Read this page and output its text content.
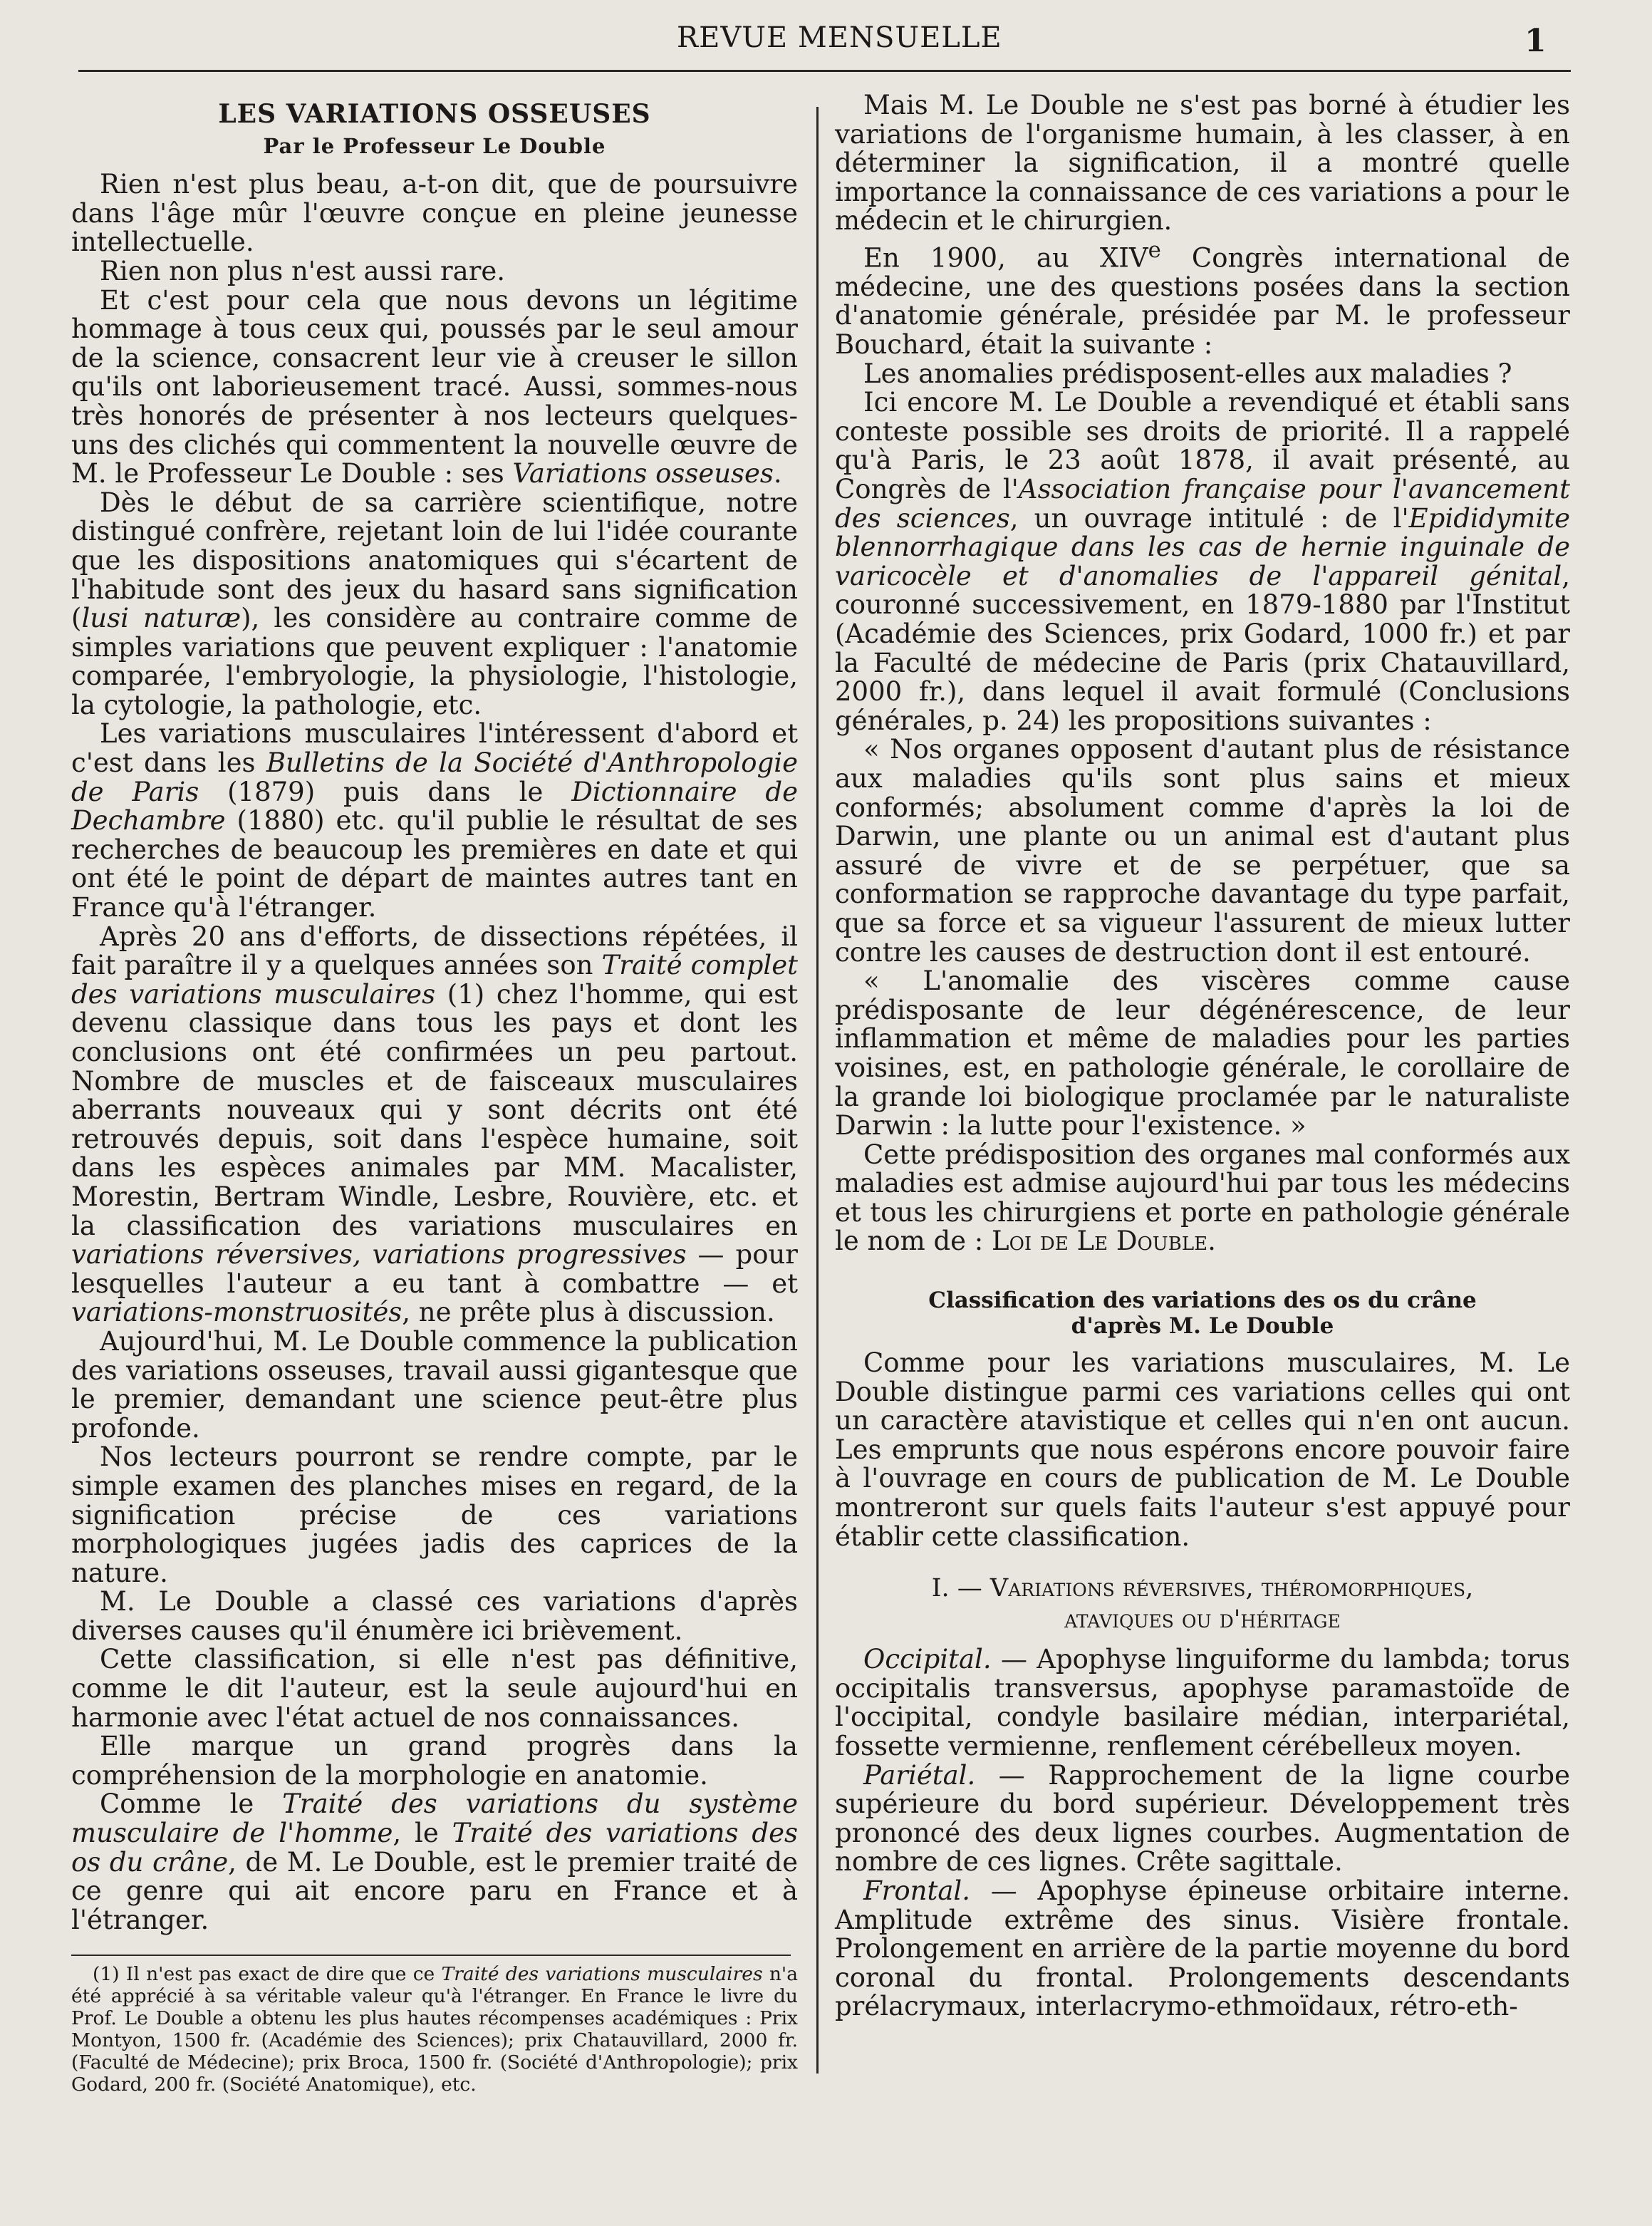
REVUE MENSUELLE	1
LES VARIATIONS OSSEUSES
Par le Professeur Le Double

Rien n'est plus beau, a-t-on dit, que de poursuivre dans l'âge mûr l'œuvre conçue en pleine jeunesse intellectuelle.

Rien non plus n'est aussi rare.

Et c'est pour cela que nous devons un légitime hommage à tous ceux qui, poussés par le seul amour de la science, consacrent leur vie à creuser le sillon qu'ils ont laborieusement tracé. Aussi, sommes-nous très honorés de présenter à nos lecteurs quelques-uns des clichés qui commentent la nouvelle œuvre de M. le Professeur Le Double : ses Variations osseuses.

Dès le début de sa carrière scientifique, notre distingué confrère, rejetant loin de lui l'idée courante que les dispositions anatomiques qui s'écartent de l'habitude sont des jeux du hasard sans signification (lusi naturæ), les considère au contraire comme de simples variations que peuvent expliquer : l'anatomie comparée, l'embryologie, la physiologie, l'histologie, la cytologie, la pathologie, etc.

Les variations musculaires l'intéressent d'abord et c'est dans les Bulletins de la Société d'Anthropologie de Paris (1879) puis dans le Dictionnaire de Dechambre (1880) etc. qu'il publie le résultat de ses recherches de beaucoup les premières en date et qui ont été le point de départ de maintes autres tant en France qu'à l'étranger.

Après 20 ans d'efforts, de dissections répétées, il fait paraître il y a quelques années son Traité complet des variations musculaires (1) chez l'homme, qui est devenu classique dans tous les pays et dont les conclusions ont été confirmées un peu partout. Nombre de muscles et de faisceaux musculaires aberrants nouveaux qui y sont décrits ont été retrouvés depuis, soit dans l'espèce humaine, soit dans les espèces animales par MM. Macalister, Morestin, Bertram Windle, Lesbre, Rouvière, etc. et la classification des variations musculaires en variations réversives, variations progressives — pour lesquelles l'auteur a eu tant à combattre — et variations-monstruosités, ne prête plus à discussion.

Aujourd'hui, M. Le Double commence la publication des variations osseuses, travail aussi gigantesque que le premier, demandant une science peut-être plus profonde.

Nos lecteurs pourront se rendre compte, par le simple examen des planches mises en regard, de la signification précise de ces variations morphologiques jugées jadis des caprices de la nature.

M. Le Double a classé ces variations d'après diverses causes qu'il énumère ici brièvement.

Cette classification, si elle n'est pas définitive, comme le dit l'auteur, est la seule aujourd'hui en harmonie avec l'état actuel de nos connaissances.

Elle marque un grand progrès dans la compréhension de la morphologie en anatomie.

Comme le Traité des variations du système musculaire de l'homme, le Traité des variations des os du crâne, de M. Le Double, est le premier traité de ce genre qui ait encore paru en France et à l'étranger.

(1) Il n'est pas exact de dire que ce Traité des variations musculaires n'a été apprécié à sa véritable valeur qu'à l'étranger. En France le livre du Prof. Le Double a obtenu les plus hautes récompenses académiques : Prix Montyon, 1500 fr. (Académie des Sciences); prix Chatauvillard, 2000 fr. (Faculté de Médecine); prix Broca, 1500 fr. (Société d'Anthropologie); prix Godard, 200 fr. (Société Anatomique), etc.

Mais M. Le Double ne s'est pas borné à étudier les variations de l'organisme humain, à les classer, à en déterminer la signification, il a montré quelle importance la connaissance de ces variations a pour le médecin et le chirurgien.

En 1900, au XIVe Congrès international de médecine, une des questions posées dans la section d'anatomie générale, présidée par M. le professeur Bouchard, était la suivante :

Les anomalies prédisposent-elles aux maladies ?

Ici encore M. Le Double a revendiqué et établi sans conteste possible ses droits de priorité. Il a rappelé qu'à Paris, le 23 août 1878, il avait présenté, au Congrès de l'Association française pour l'avancement des sciences, un ouvrage intitulé : de l'Epididymite blennorrhagique dans les cas de hernie inguinale de varicocèle et d'anomalies de l'appareil génital, couronné successivement, en 1879-1880 par l'Institut (Académie des Sciences, prix Godard, 1000 fr.) et par la Faculté de médecine de Paris (prix Chatauvillard, 2000 fr.), dans lequel il avait formulé (Conclusions générales, p. 24) les propositions suivantes :

« Nos organes opposent d'autant plus de résistance aux maladies qu'ils sont plus sains et mieux conformés; absolument comme d'après la loi de Darwin, une plante ou un animal est d'autant plus assuré de vivre et de se perpétuer, que sa conformation se rapproche davantage du type parfait, que sa force et sa vigueur l'assurent de mieux lutter contre les causes de destruction dont il est entouré.

« L'anomalie des viscères comme cause prédisposante de leur dégénérescence, de leur inflammation et même de maladies pour les parties voisines, est, en pathologie générale, le corollaire de la grande loi biologique proclamée par le naturaliste Darwin : la lutte pour l'existence. »

Cette prédisposition des organes mal conformés aux maladies est admise aujourd'hui par tous les médecins et tous les chirurgiens et porte en pathologie générale le nom de : Loi de Le Double.

Classification des variations des os du crâne
d'après M. Le Double

Comme pour les variations musculaires, M. Le Double distingue parmi ces variations celles qui ont un caractère atavistique et celles qui n'en ont aucun. Les emprunts que nous espérons encore pouvoir faire à l'ouvrage en cours de publication de M. Le Double montreront sur quels faits l'auteur s'est appuyé pour établir cette classification.

I. — Variations réversives, théromorphiques,
ataviques ou d'héritage

Occipital. — Apophyse linguiforme du lambda; torus occipitalis transversus, apophyse paramastoïde de l'occipital, condyle basilaire médian, interpariétal, fossette vermienne, renflement cérébelleux moyen.

Pariétal. — Rapprochement de la ligne courbe supérieure du bord supérieur. Développement très prononcé des deux lignes courbes. Augmentation de nombre de ces lignes. Crête sagittale.

Frontal. — Apophyse épineuse orbitaire interne. Amplitude extrême des sinus. Visière frontale. Prolongement en arrière de la partie moyenne du bord coronal du frontal. Prolongements descendants prélacrymaux, interlacrymo-ethmoïdaux, rétro-eth-
